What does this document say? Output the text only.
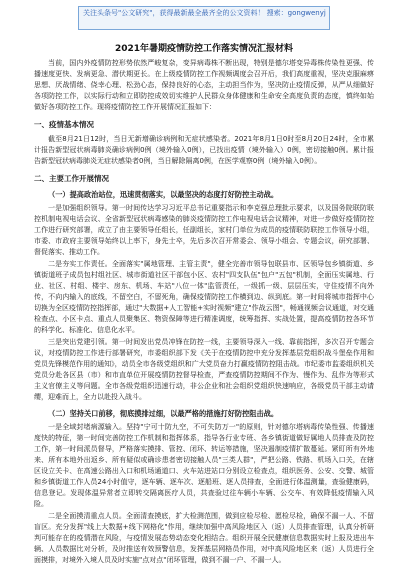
关注头条号"公文研究"，获得最新最全最齐全的公文资料！ 搜索：gongwenyj
2021年暑期疫情防控工作落实情况汇报材料

当前，国内外疫情防控形势依然严峻复杂，变异病毒株不断出现，特别是德尔塔变异毒株传染性更强、传播速度更快、发病更急、潜伏期更长。在上级疫情防控工作视频调度会召开后，我们高度重视，坚决克服麻痹思想、厌战情绪、侥幸心理、松劲心态，保持良好的心态，主动担当作为，坚决防止疫情反弹，从严从细做好各项防控工作，以实际行动和立即防控成效切实维护人民群众身体健康和生命安全高度负责的态度，慎终如始做好各项防控工作。现将疫情防控工作开展情况汇报如下：

一、疫情基本情况

截至8月21日12时，当日无新增确诊病例和无症状感染者。2021年8月1日0时至8月20日24时，全市累计报告新型冠状病毒肺炎确诊病例0例（境外输入0例），已找出疫情（境外输入）0例，密切接触0例。累计报告新型冠状病毒肺炎无症状感染者0例，当日解除隔离0例，在医学观察0例（境外输入0例）。

二、主要工作开展情况

（一）提高政治站位，迅速贯彻落实，以最坚决的态度打好防控主动战。

一是加强组织领导。第一时间传达学习习近平总书记重要指示和李克强总理批示要求，以及国务院联防联控机制电视电话会议、全省新型冠状病毒感染的肺炎疫情防控工作电视电话会议精神，对进一步做好疫情防控工作进行研究部署，成立了由主要领导任组长，任副组长，家村门单位为成员的疫情联防联控工作领导小组，市委、市政府主要领导始终以上率下，身先士卒，先后多次召开常委会、领导小组会、专题会议，研究部署、督促落实、推动工作。

二是夯实工作责任。全面落实"属地管理、主管主责"，健全完善市领导包联县市、区领导包乡镇街道、乡镇街道班子成员包村组社区、城市街道社区干部包小区、农村"四支队伍"包户"五包"机制，全面压实属地、行业、社区、村组、楼宇、房东、机场、车站"八位一体"监管责任，一级抓一级、层层压实，守住疫情不向外传，不向内输入的底线，不留空白，不留死角，确保疫情防控工作横到边、纵到底。第一时间将城市指挥中心切换为全区疫情防控指挥部，通过"大数据+人工智能+实时视频"建立"作战云图"，畅通视频会议通道，对交通检查点、小区卡点、重点人员聚集区、物资保障等进行精准调度，统筹指挥、实战处置，提高疫情防控各环节的科学化、标准化、信息化水平。

三是突出党建引领。第一时间发出党员冲锋在防控一线，主要领导深入一线、靠前指挥，多次召开专题会议，对疫情防控工作进行部署研究，市委组织部下发《关于在疫情防控中充分发挥基层党组织战斗堡垒作用和党员先锋模范作用的通知》，动员全市各级党组织和广大党员奋力打赢疫情防控阻击战。市纪委市监委组织机关党员分赴各区县（市）和市直单位开展疫情防控督导检查，严查疫情防控期间不作为、慢作为、乱作为等形式主义官僚主义等问题。全市各级党组织迅速行动，非公企业和社会组织党组织快速响应，各级党员干部主动请缨，迎难而上，全力以赴投入战斗。

（二）坚持关口前移，彻底摸排过细，以最严格的措施打好防控阻击战。

一是全域封堵病源输入。坚持"宁可十防九空，不可失防万一"的原则，针对德尔塔病毒传染性强、传播速度快的特征，第一时间完善防控工作机制和指挥体系，指导各行业专班、各乡镇街道做好属地人员排查及防控工作，第一时间派员督导，严格落实摸排、管控、闭环、转运等措施，坚决遏制疫情扩散蔓延。紧盯所有外地来、所有本地外出返乡、所有疑似或确诊患者密切接触人员"三类人群"，严把公路、铁路、机场入口关，在辖区设立关卡、在高速公路出入口和机场通道口、火车站进站口分别设立检查点，组织医务、公安、交警、城管和乡镇街道工作人员24小时值守，逐车辆、逐车次、逐船班、逐人员排查，全面进行体温测量，查验健康码，信息登记。发现体温异常者立即转交隔离医疗人员，共查验过往车辆小车辆、公交车、有效降低疫情输入风险。

二是全面摸清重点人员。全面清查摸底，扩大检测范围，做到应检尽检、愿检尽检，确保不漏一人、不留盲区。充分发挥"线上大数据+线下网格化"作用，继续加强中高风险地区入（返）人员排查管理，认真分析研判可能存在的疫情潜在风险，与疫情发展态势动态变化相结合。组织开展全民健康信息数据实时上报及进出车辆、人员数据比对分析，及时推送有效预警信息，发挥基层网格员作用，对中高风险地区来（返）人员进行全面摸排，对境外入境人员及时实施"点对点"闭环管理，做到不漏一户、不漏一人。
